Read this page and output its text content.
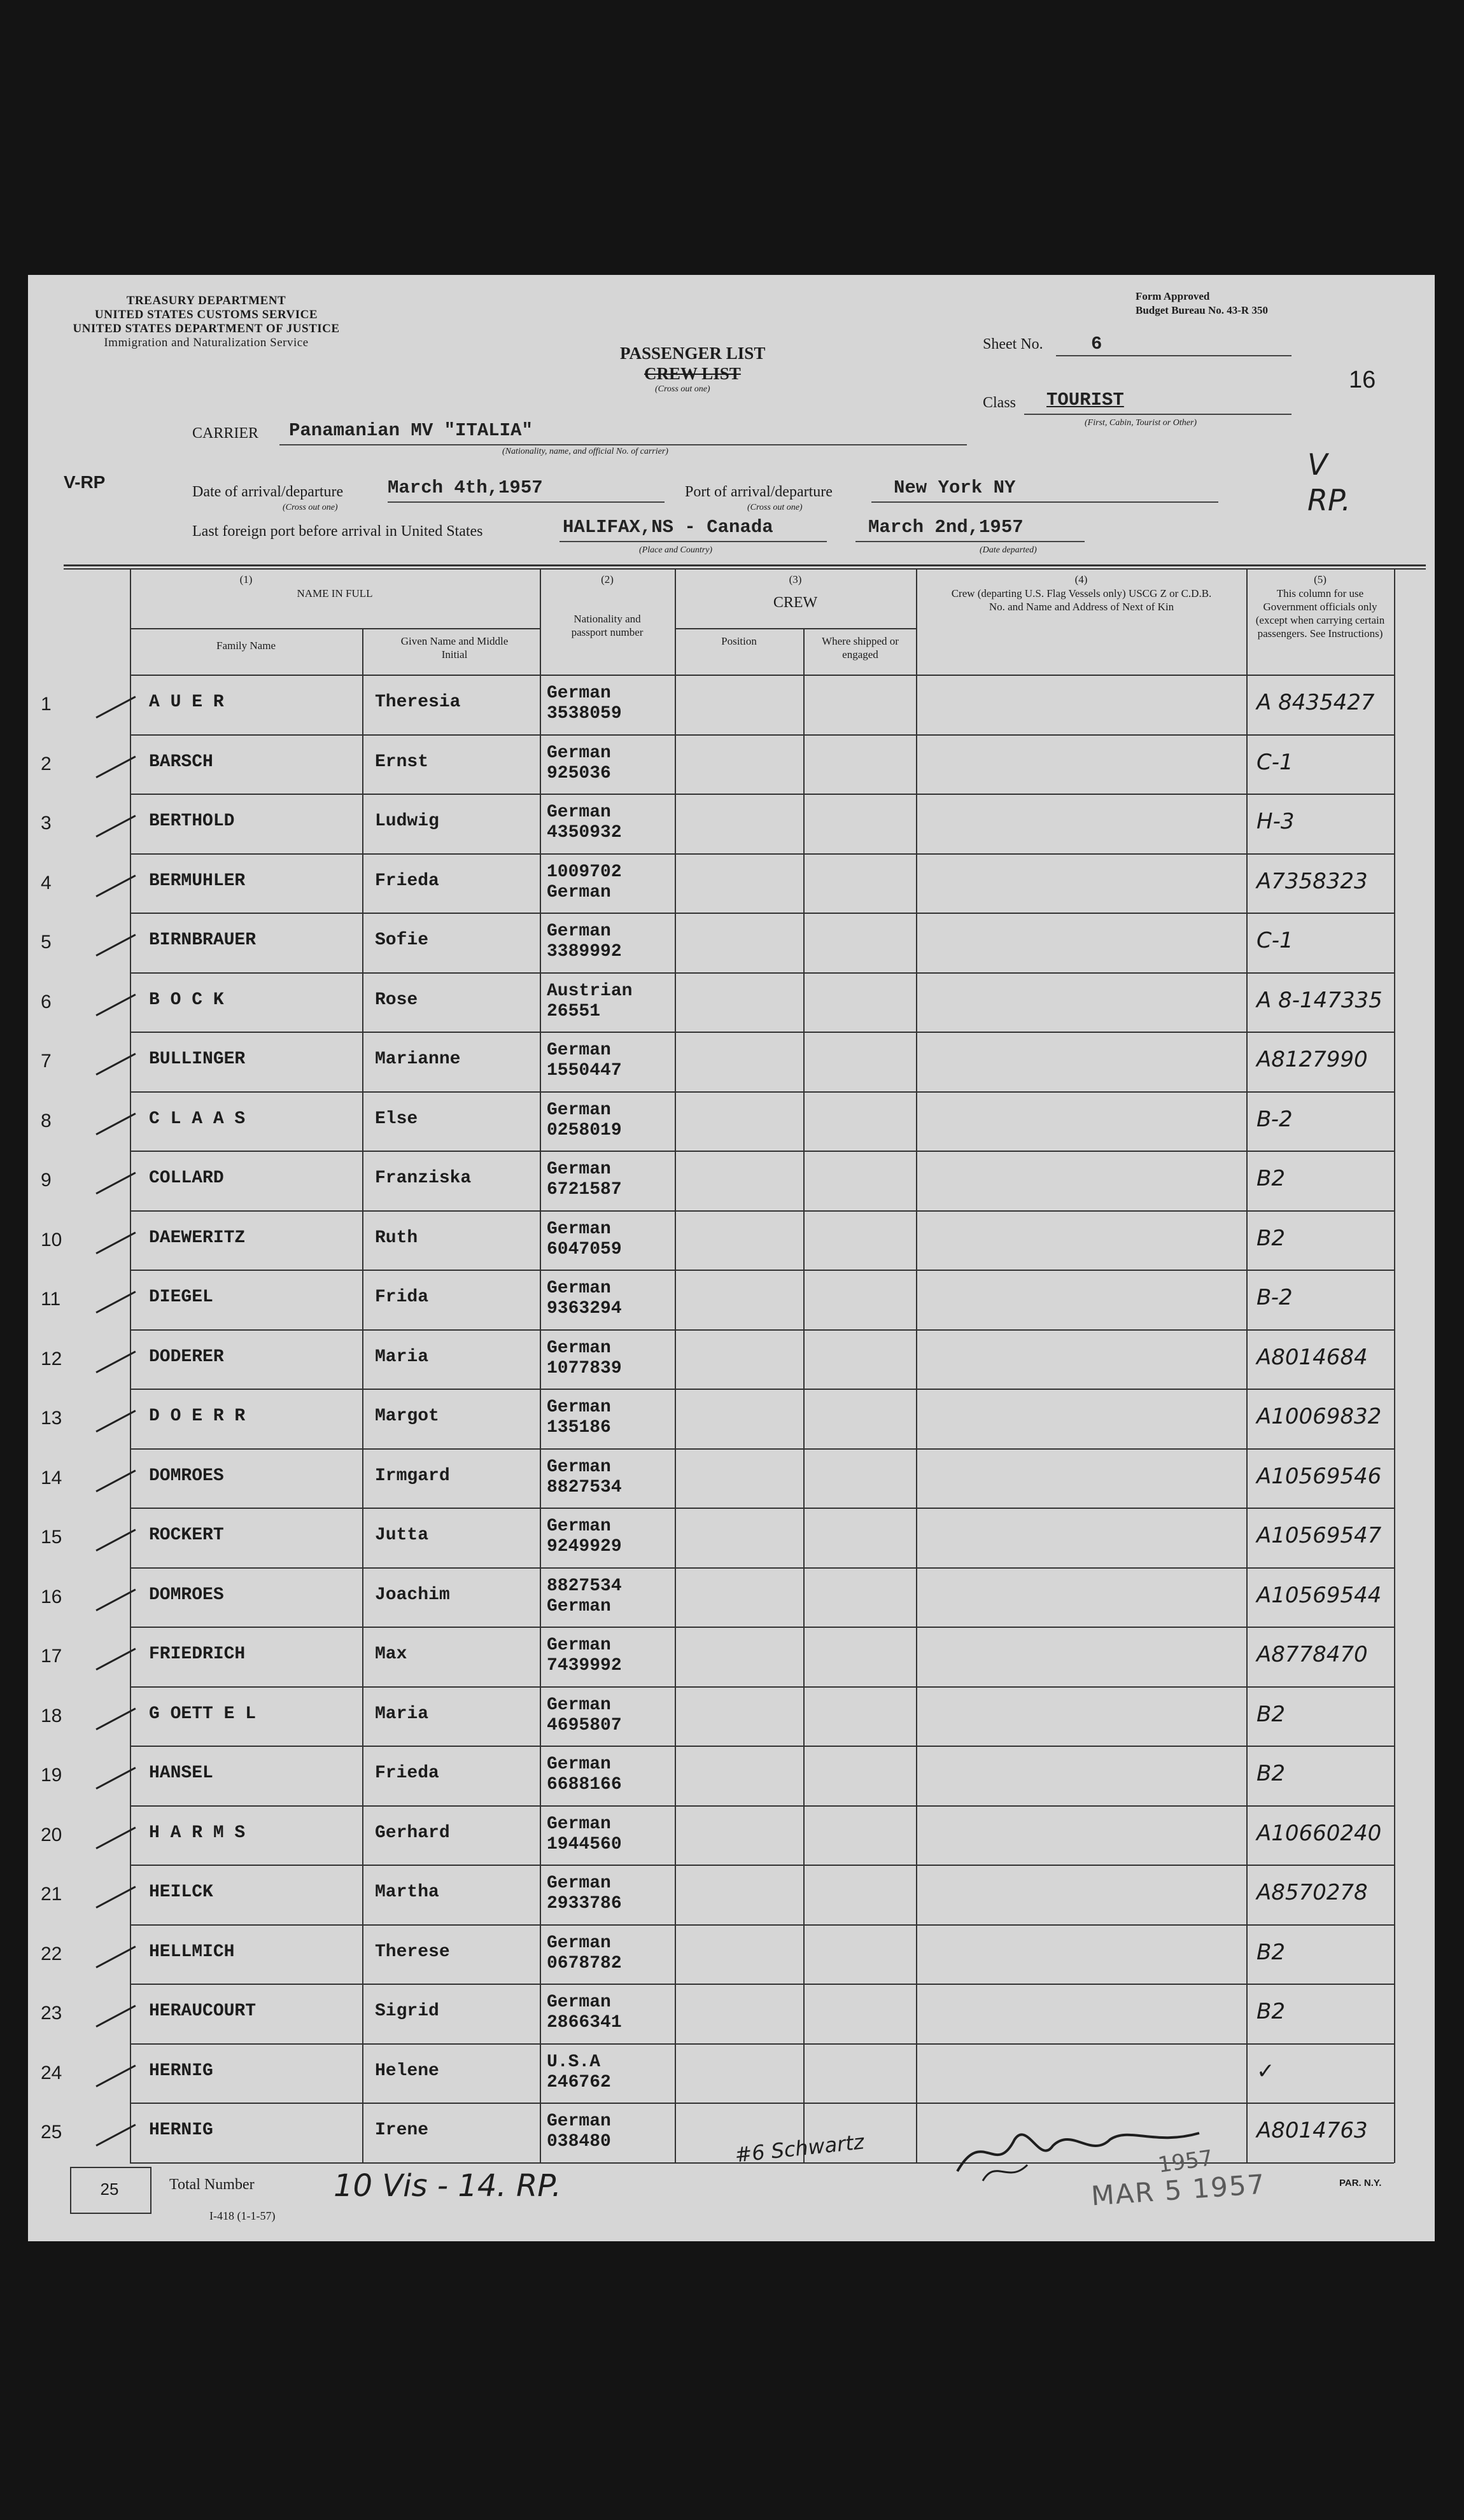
TREASURY DEPARTMENT
UNITED STATES CUSTOMS SERVICE
UNITED STATES DEPARTMENT OF JUSTICE
Immigration and Naturalization Service
Form Approved
Budget Bureau No. 43-R 350
PASSENGER LIST
CREW LIST
(Cross out one)
Sheet No.	6
16
Class TOURIST
(First, Cabin, Tourist or Other)
V-RP
V RP.
CARRIER Panamanian MV "ITALIA"
(Nationality, name, and official No. of carrier)
Date of arrival/departure March 4th,1957
(Cross out one)
Port of arrival/departure	New York NY
(Cross out one)
Last foreign port before arrival in United States	HALIFAX,NS - Canada
(Place and Country)
March 2nd,1957
(Date departed)
(1)
NAME IN FULL
Family Name	Given Name and Middle Initial
(2)
Nationality and passport number
(3)
CREW
Position	Where shipped or engaged
(4)
Crew (departing U.S. Flag Vessels only) USCG Z or C.D.B. No. and Name and Address of Next of Kin
(5)
This column for use Government officials only (except when carrying certain passengers. See Instructions)
1	A U E R	Theresia	German
3538059	A 8435427
2	BARSCH	Ernst	German
925036	C-1
3	BERTHOLD	Ludwig	German
4350932	H-3
4	BERMUHLER	Frieda	1009702
German	A7358323
5	BIRNBRAUER	Sofie	German
3389992	C-1
6	B O C K	Rose	Austrian
26551	A 8-147335
7	BULLINGER	Marianne	German
1550447	A8127990
8	C L A A S	Else	German
0258019	B-2
9	COLLARD	Franziska	German
6721587	B2
10	DAEWERITZ	Ruth	German
6047059	B2
11	DIEGEL	Frida	German
9363294	B-2
12	DODERER	Maria	German
1077839	A8014684
13	D O E R R	Margot	German
135186	A10069832
14	DOMROES	Irmgard	German
8827534	A10569546
15	ROCKERT	Jutta	German
9249929	A10569547
16	DOMROES	Joachim	8827534
German	A10569544
17	FRIEDRICH	Max	German
7439992	A8778470
18	G OETT E L	Maria	German
4695807	B2
19	HANSEL	Frieda	German
6688166	B2
20	H A R M S	Gerhard	German
1944560	A10660240
21	HEILCK	Martha	German
2933786	A8570278
22	HELLMICH	Therese	German
0678782	B2
23	HERAUCOURT	Sigrid	German
2866341	B2
24	HERNIG	Helene	U.S.A
246762	✓
25	HERNIG	Irene	German
038480	A8014763
25	Total Number
I-418 (1-1-57)
10 Vis - 14. RP.
#6 Schwartz	1957
MAR 5 1957	PAR. N.Y.
